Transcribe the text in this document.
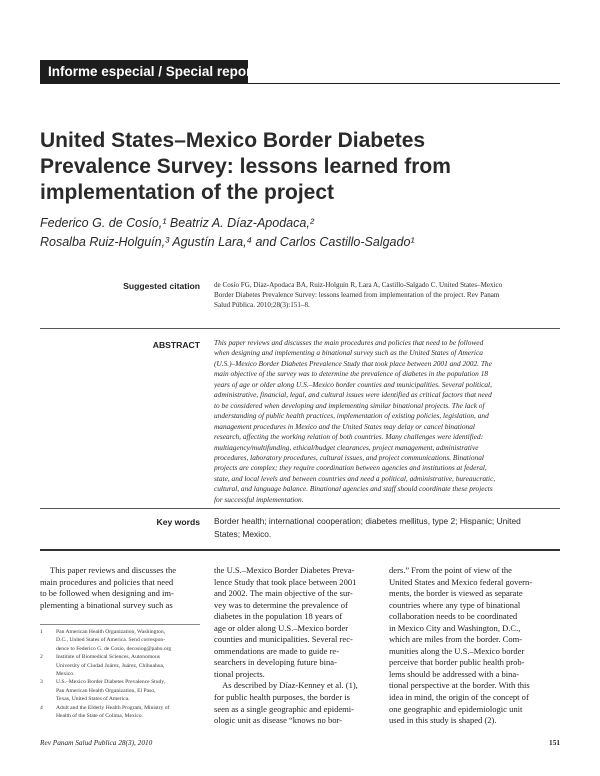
Informe especial / Special report
United States–Mexico Border Diabetes
Prevalence Survey: lessons learned from
implementation of the project
Federico G. de Cosío,¹ Beatriz A. Díaz-Apodaca,²
Rosalba Ruiz-Holguín,³ Agustín Lara,⁴ and Carlos Castillo-Salgado¹
Suggested citation de Cosío FG, Díaz-Apodaca BA, Ruiz-Holguín R, Lara A, Castillo-Salgado C. United States–Mexico
Border Diabetes Prevalence Survey: lessons learned from implementation of the project. Rev Panam
Salud Pública. 2010;28(3):151–8.
ABSTRACT This paper reviews and discusses the main procedures and policies that need to be followed
when designing and implementing a binational survey such as the United States of America
(U.S.)–Mexico Border Diabetes Prevalence Study that took place between 2001 and 2002. The
main objective of the survey was to determine the prevalence of diabetes in the population 18
years of age or older along U.S.–Mexico border counties and municipalities. Several political,
administrative, financial, legal, and cultural issues were identified as critical factors that need
to be considered when developing and implementing similar binational projects. The lack of
understanding of public health practices, implementation of existing policies, legislation, and
management procedures in Mexico and the United States may delay or cancel binational
research, affecting the working relation of both countries. Many challenges were identified:
multiagency/multifunding, ethical/budget clearances, project management, administrative
procedures, laboratory procedures, cultural issues, and project communications. Binational
projects are complex; they require coordination between agencies and institutions at federal,
state, and local levels and between countries and need a political, administrative, bureaucratic,
cultural, and language balance. Binational agencies and staff should coordinate these projects
for successful implementation.
Key words Border health; international cooperation; diabetes mellitus, type 2; Hispanic; United
States; Mexico.
This paper reviews and discusses the
main procedures and policies that need
to be followed when designing and im-
plementing a binational survey such as
the U.S.–Mexico Border Diabetes Preva-
lence Study that took place between 2001
and 2002. The main objective of the sur-
vey was to determine the prevalence of
diabetes in the population 18 years of
age or older along U.S.–Mexico border
counties and municipalities. Several rec-
ommendations are made to guide re-
searchers in developing future bina-
tional projects.
As described by Díaz-Kenney et al. (1),
for public health purposes, the border is
seen as a single geographic and epidemi-
ologic unit as disease “knows no bor-
ders.” From the point of view of the
United States and Mexico federal govern-
ments, the border is viewed as separate
countries where any type of binational
collaboration needs to be coordinated
in Mexico City and Washington, D.C.,
which are miles from the border. Com-
munities along the U.S.–Mexico border
perceive that border public health prob-
lems should be addressed with a bina-
tional perspective at the border. With this
idea in mind, the origin of the concept of
one geographic and epidemiologic unit
used in this study is shaped (2).
1 Pan American Health Organization, Washington,
D.C., United States of America. Send correspon-
dence to Federico G. de Cosío, decosiog@paho.org
2 Institute of Biomedical Sciences, Autonomous
University of Ciudad Juárez, Juárez, Chihuahua,
Mexico.
3 U.S.–Mexico Border Diabetes Prevalence Study,
Pan American Health Organization, El Paso,
Texas, United States of America.
4 Adult and the Elderly Health Program, Ministry of
Health of the State of Colima, Mexico.
Rev Panam Salud Publica 28(3), 2010	151
